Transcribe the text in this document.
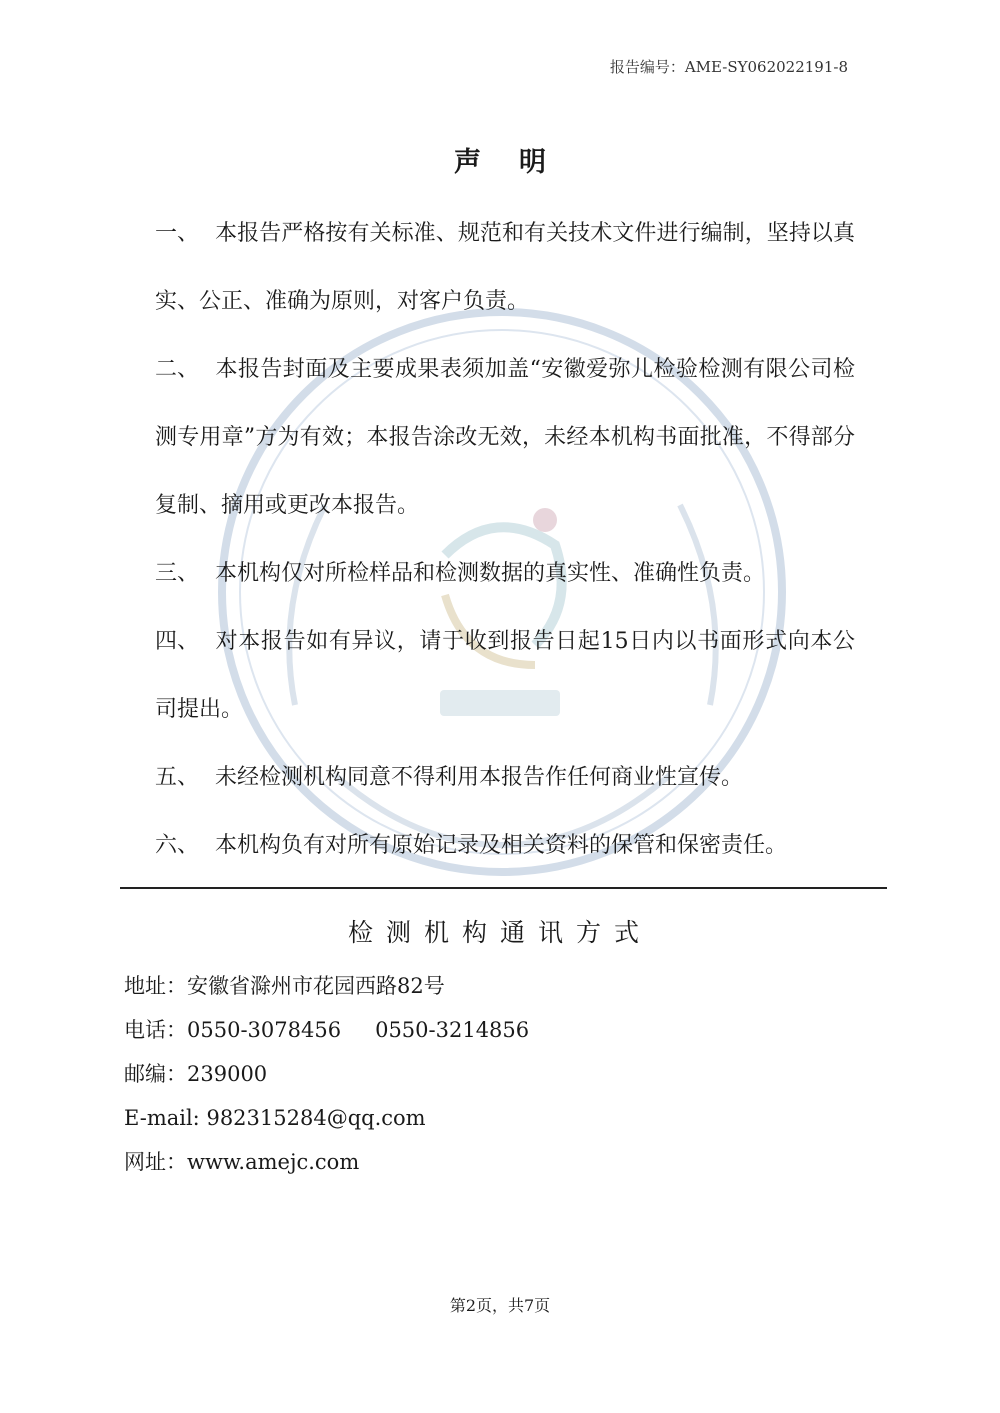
报告编号：AME-SY062022191-8
声明

一、 本报告严格按有关标准、规范和有关技术文件进行编制，坚持以真实、公正、准确为原则，对客户负责。

二、 本报告封面及主要成果表须加盖“安徽爱弥儿检验检测有限公司检测专用章”方为有效；本报告涂改无效，未经本机构书面批准，不得部分复制、摘用或更改本报告。

三、 本机构仅对所检样品和检测数据的真实性、准确性负责。

四、 对本报告如有异议，请于收到报告日起15日内以书面形式向本公司提出。

五、 未经检测机构同意不得利用本报告作任何商业性宣传。

六、 本机构负有对所有原始记录及相关资料的保管和保密责任。

检测机构通讯方式
地址：安徽省滁州市花园西路82号
电话：0550-3078456 0550-3214856
邮编：239000
E-mail: 982315284@qq.com
网址：www.amejc.com
第2页，共7页
